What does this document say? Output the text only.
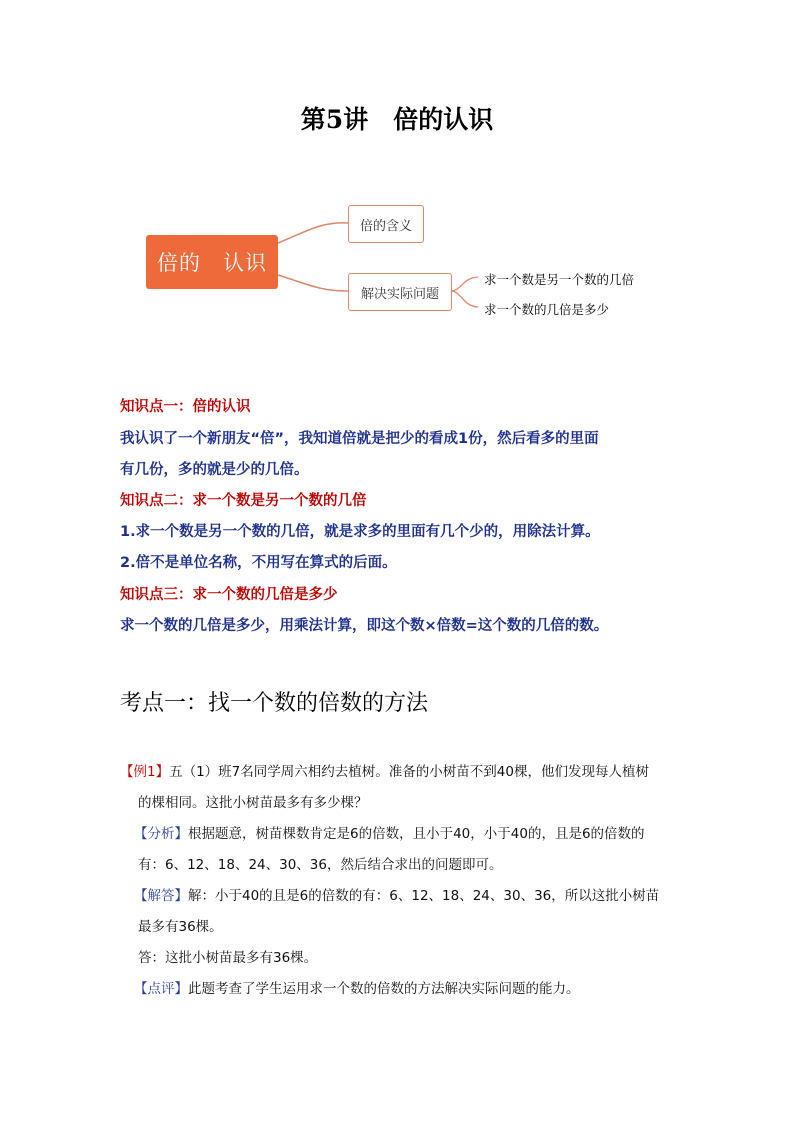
第5讲　倍的认识
倍的　认识
倍的含义
解决实际问题
求一个数是另一个数的几倍
求一个数的几倍是多少
知识点一：倍的认识
我认识了一个新朋友“倍”，我知道倍就是把少的看成1份，然后看多的里面
有几份，多的就是少的几倍。
知识点二：求一个数是另一个数的几倍
1.求一个数是另一个数的几倍，就是求多的里面有几个少的，用除法计算。
2.倍不是单位名称，不用写在算式的后面。
知识点三：求一个数的几倍是多少
求一个数的几倍是多少，用乘法计算，即这个数×倍数=这个数的几倍的数。
考点一：找一个数的倍数的方法
【例1】五（1）班7名同学周六相约去植树。准备的小树苗不到40棵，他们发现每人植树
的棵相同。这批小树苗最多有多少棵？
【分析】根据题意，树苗棵数肯定是6的倍数，且小于40，小于40的，且是6的倍数的
有：6、12、18、24、30、36，然后结合求出的问题即可。
【解答】解：小于40的且是6的倍数的有：6、12、18、24、30、36，所以这批小树苗
最多有36棵。
答：这批小树苗最多有36棵。
【点评】此题考查了学生运用求一个数的倍数的方法解决实际问题的能力。
